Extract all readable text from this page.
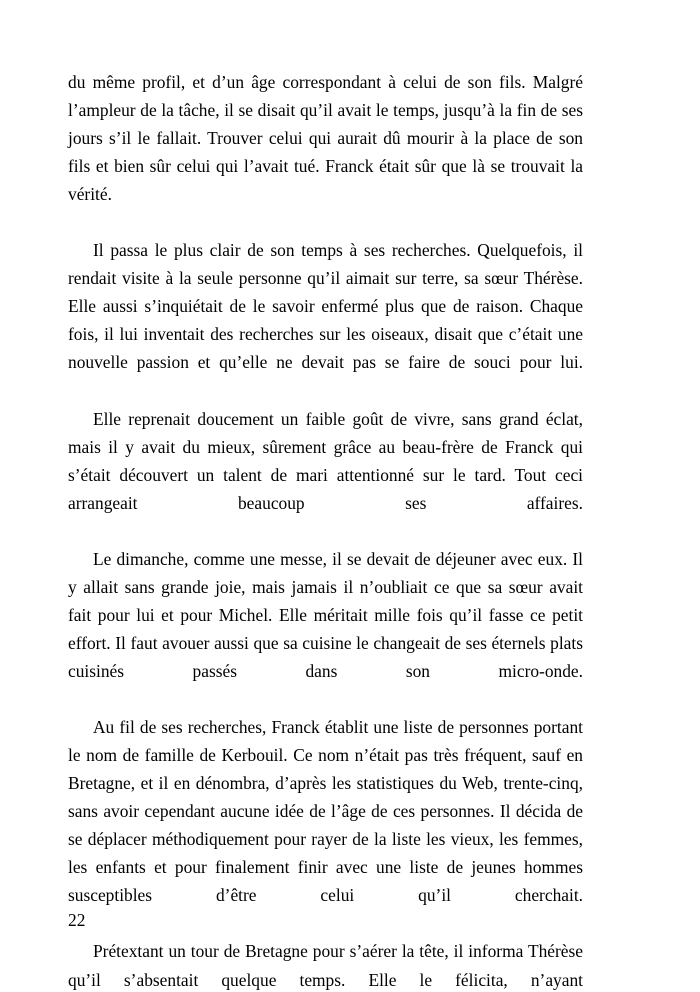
du même profil, et d’un âge correspondant à celui de son fils. Malgré l’ampleur de la tâche, il se disait qu’il avait le temps, jusqu’à la fin de ses jours s’il le fallait. Trouver celui qui aurait dû mourir à la place de son fils et bien sûr celui qui l’avait tué. Franck était sûr que là se trouvait la vérité.

Il passa le plus clair de son temps à ses recherches. Quelquefois, il rendait visite à la seule personne qu’il aimait sur terre, sa sœur Thérèse. Elle aussi s’inquiétait de le savoir enfermé plus que de raison. Chaque fois, il lui inventait des recherches sur les oiseaux, disait que c’était une nouvelle passion et qu’elle ne devait pas se faire de souci pour lui.

Elle reprenait doucement un faible goût de vivre, sans grand éclat, mais il y avait du mieux, sûrement grâce au beau-frère de Franck qui s’était découvert un talent de mari attentionné sur le tard. Tout ceci arrangeait beaucoup ses affaires.

Le dimanche, comme une messe, il se devait de déjeuner avec eux. Il y allait sans grande joie, mais jamais il n’oubliait ce que sa sœur avait fait pour lui et pour Michel. Elle méritait mille fois qu’il fasse ce petit effort. Il faut avouer aussi que sa cuisine le changeait de ses éternels plats cuisinés passés dans son micro-onde.

Au fil de ses recherches, Franck établit une liste de personnes portant le nom de famille de Kerbouil. Ce nom n’était pas très fréquent, sauf en Bretagne, et il en dénombra, d’après les statistiques du Web, trente-cinq, sans avoir cependant aucune idée de l’âge de ces personnes. Il décida de se déplacer méthodiquement pour rayer de la liste les vieux, les femmes, les enfants et pour finalement finir avec une liste de jeunes hommes susceptibles d’être celui qu’il cherchait.

Prétextant un tour de Bretagne pour s’aérer la tête, il informa Thérèse qu’il s’absentait quelque temps. Elle le félicita, n’ayant

22
